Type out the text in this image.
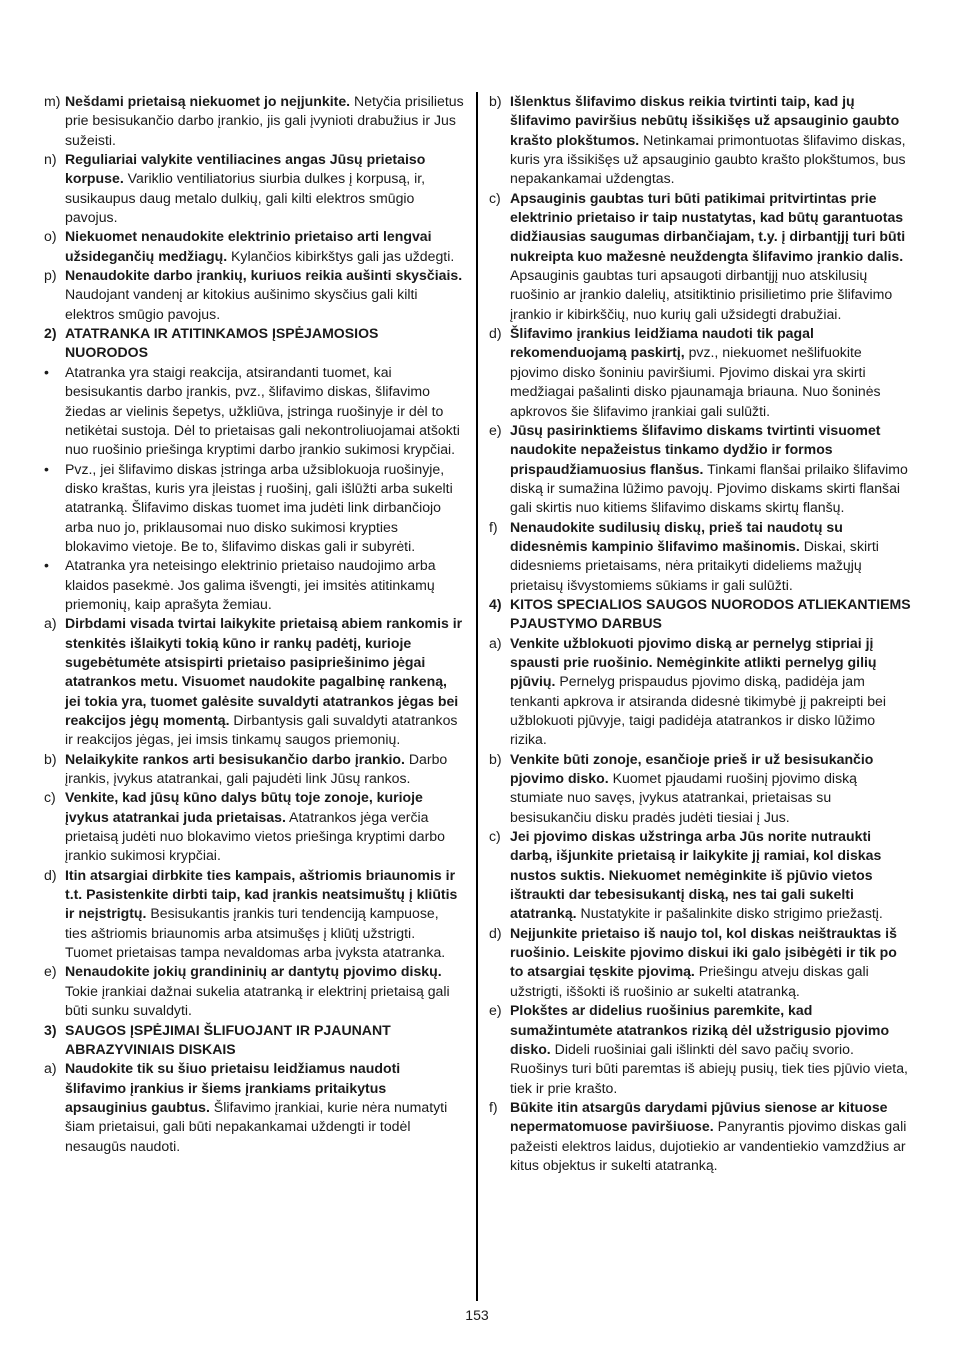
m) Nešdami prietaisą niekuomet jo neįjunkite. Netyčia prisilietus prie besisukančio darbo įrankio, jis gali įvynioti drabužius ir Jus sužeisti.
n) Reguliariai valykite ventiliacines angas Jūsų prietaiso korpuse. Variklio ventiliatorius siurbia dulkes į korpusą, ir, susikaupus daug metalo dulkių, gali kilti elektros smūgio pavojus.
o) Niekuomet nenaudokite elektrinio prietaiso arti lengvai užsidegančių medžiagų. Kylančios kibirkštys gali jas uždegti.
p) Nenaudokite darbo įrankių, kuriuos reikia aušinti skysčiais. Naudojant vandenį ar kitokius aušinimo skysčius gali kilti elektros smūgio pavojus.
2) ATATRANKA IR ATITINKAMOS ĮSPĖJAMOSIOS NUORODOS
• Atatranka yra staigi reakcija, atsirandanti tuomet, kai besisukantis darbo įrankis, pvz., šlifavimo diskas, šlifavimo žiedas ar vielinis šepetys, užkliūva, įstringa ruošinyje ir dėl to netikėtai sustoja. Dėl to prietaisas gali nekontroliuojamai atšokti nuo ruošinio priešinga kryptimi darbo įrankio sukimosi krypčiai.
• Pvz., jei šlifavimo diskas įstringa arba užsiblokuoja ruošinyje, disko kraštas, kuris yra įleistas į ruošinį, gali išlūžti arba sukelti atatranką. Šlifavimo diskas tuomet ima judėti link dirbančiojo arba nuo jo, priklausomai nuo disko sukimosi krypties blokavimo vietoje. Be to, šlifavimo diskas gali ir subyrėti.
• Atatranka yra neteisingo elektrinio prietaiso naudojimo arba klaidos pasekmė. Jos galima išvengti, jei imsitės atitinkamų priemonių, kaip aprašyta žemiau.
a) Dirbdami visada tvirtai laikykite prietaisą abiem rankomis ir stenkitės išlaikyti tokią kūno ir rankų padėtį, kurioje sugebėtumėte atsispirti prietaiso pasipriešinimo jėgai atatrankos metu. Visuomet naudokite pagalbinę rankeną, jei tokia yra, tuomet galėsite suvaldyti atatrankos jėgas bei reakcijos jėgų momentą. Dirbantysis gali suvaldyti atatrankos ir reakcijos jėgas, jei imsis tinkamų saugos priemonių.
b) Nelaikykite rankos arti besisukančio darbo įrankio. Darbo įrankis, įvykus atatrankai, gali pajudėti link Jūsų rankos.
c) Venkite, kad jūsų kūno dalys būtų toje zonoje, kurioje įvykus atatrankai juda prietaisas. Atatrankos jėga verčia prietaisą judėti nuo blokavimo vietos priešinga kryptimi darbo įrankio sukimosi krypčiai.
d) Itin atsargiai dirbkite ties kampais, aštriomis briaunomis ir t.t. Pasistenkite dirbti taip, kad įrankis neatsimuštų į kliūtis ir neįstrigtų. Besisukantis įrankis turi tendenciją kampuose, ties aštriomis briaunomis arba atsimušęs į kliūtį užstrigti. Tuomet prietaisas tampa nevaldomas arba įvyksta atatranka.
e) Nenaudokite jokių grandininių ar dantytų pjovimo diskų. Tokie įrankiai dažnai sukelia atatranką ir elektrinį prietaisą gali būti sunku suvaldyti.
3) SAUGOS ĮSPĖJIMAI ŠLIFUOJANT IR PJAUNANT ABRAZYVINIAIS DISKAIS
a) Naudokite tik su šiuo prietaisu leidžiamus naudoti šlifavimo įrankius ir šiems įrankiams pritaikytus apsauginius gaubtus. Šlifavimo įrankiai, kurie nėra numatyti šiam prietaisui, gali būti nepakankamai uždengti ir todėl nesaugūs naudoti.
b) Išlenktus šlifavimo diskus reikia tvirtinti taip, kad jų šlifavimo paviršius nebūtų išsikišęs už apsauginio gaubto krašto plokštumos. Netinkamai primontuotas šlifavimo diskas, kuris yra išsikišęs už apsauginio gaubto krašto plokštumos, bus nepakankamai uždengtas.
c) Apsauginis gaubtas turi būti patikimai pritvirtintas prie elektrinio prietaiso ir taip nustatytas, kad būtų garantuotas didžiausias saugumas dirbančiajam, t.y. į dirbantįjį turi būti nukreipta kuo mažesnė neuždengta šlifavimo įrankio dalis. Apsauginis gaubtas turi apsaugoti dirbantįjį nuo atskilusių ruošinio ar įrankio dalelių, atsitiktinio prisilietimo prie šlifavimo įrankio ir kibirkščių, nuo kurių gali užsidegti drabužiai.
d) Šlifavimo įrankius leidžiama naudoti tik pagal rekomenduojamą paskirtį, pvz., niekuomet nešlifuokite pjovimo disko šoniniu paviršiumi. Pjovimo diskai yra skirti medžiagai pašalinti disko pjaunamąja briauna. Nuo šoninės apkrovos šie šlifavimo įrankiai gali sulūžti.
e) Jūsų pasirinktiems šlifavimo diskams tvirtinti visuomet naudokite nepažeistus tinkamo dydžio ir formos prispaudžiamuosius flanšus. Tinkami flanšai prilaiko šlifavimo diską ir sumažina lūžimo pavojų. Pjovimo diskams skirti flanšai gali skirtis nuo kitiems šlifavimo diskams skirtų flanšų.
f) Nenaudokite sudilusių diskų, prieš tai naudotų su didesnėmis kampinio šlifavimo mašinomis. Diskai, skirti didesniems prietaisams, nėra pritaikyti dideliems mažųjų prietaisų išvystomiems sūkiams ir gali sulūžti.
4) KITOS SPECIALIOS SAUGOS NUORODOS ATLIEKANTIEMS PJAUSTYMO DARBUS
a) Venkite užblokuoti pjovimo diską ar pernelyg stipriai jį spausti prie ruošinio. Nemėginkite atlikti pernelyg gilių pjūvių. Pernelyg prispaudus pjovimo diską, padidėja jam tenkanti apkrova ir atsiranda didesnė tikimybė jį pakreipti bei užblokuoti pjūvyje, taigi padidėja atatrankos ir disko lūžimo rizika.
b) Venkite būti zonoje, esančioje prieš ir už besisukančio pjovimo disko. Kuomet pjaudami ruošinį pjovimo diską stumiate nuo savęs, įvykus atatrankai, prietaisas su besisukančiu disku pradės judėti tiesiai į Jus.
c) Jei pjovimo diskas užstringa arba Jūs norite nutraukti darbą, išjunkite prietaisą ir laikykite jį ramiai, kol diskas nustos suktis. Niekuomet nemėginkite iš pjūvio vietos ištraukti dar tebesisukantį diską, nes tai gali sukelti atatranką. Nustatykite ir pašalinkite disko strigimo priežastį.
d) Neįjunkite prietaiso iš naujo tol, kol diskas neištrauktas iš ruošinio. Leiskite pjovimo diskui iki galo įsibėgėti ir tik po to atsargiai tęskite pjovimą. Priešingu atveju diskas gali užstrigti, iššokti iš ruošinio ar sukelti atatranką.
e) Plokštes ar didelius ruošinius paremkite, kad sumažintumėte atatrankos riziką dėl užstrigusio pjovimo disko. Dideli ruošiniai gali išlinkti dėl savo pačių svorio. Ruošinys turi būti paremtas iš abiejų pusių, tiek ties pjūvio vieta, tiek ir prie krašto.
f) Būkite itin atsargūs darydami pjūvius sienose ar kituose nepermatomuose paviršiuose. Panyrantis pjovimo diskas gali pažeisti elektros laidus, dujotiekio ar vandentiekio vamzdžius ar kitus objektus ir sukelti atatranką.
153
